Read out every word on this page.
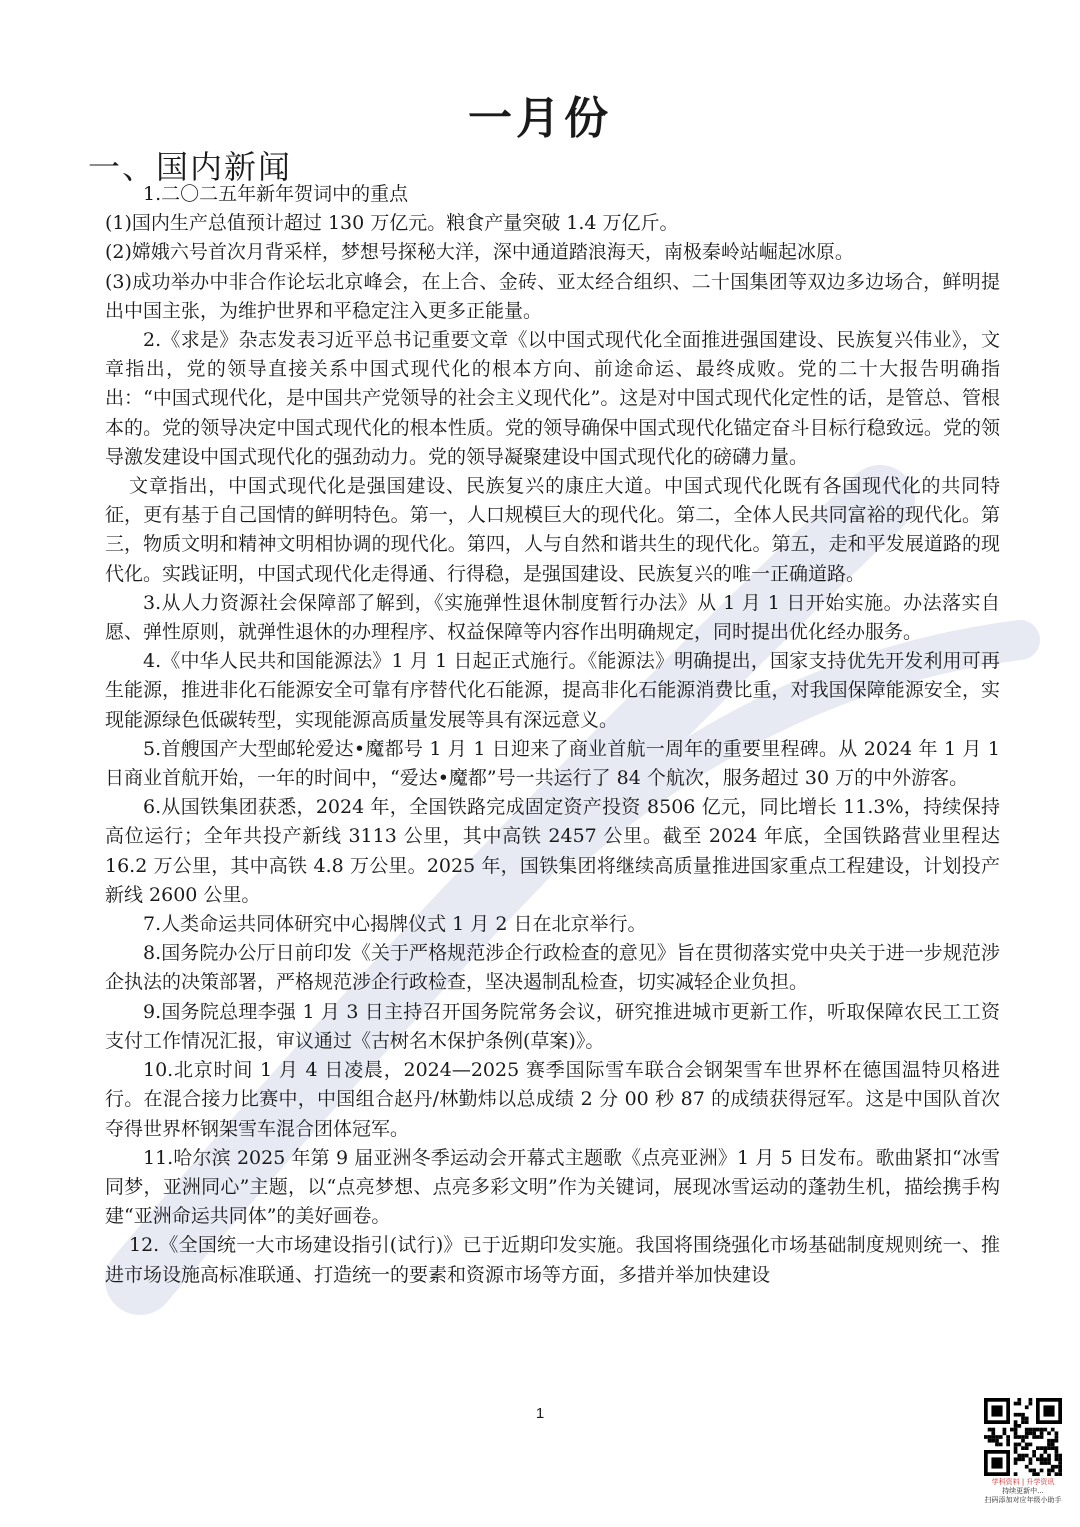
一月份
一、国内新闻

1.二〇二五年新年贺词中的重点

(1)国内生产总值预计超过 130 万亿元。粮食产量突破 1.4 万亿斤。

(2)嫦娥六号首次月背采样，梦想号探秘大洋，深中通道踏浪海天，南极秦岭站崛起冰原。

(3)成功举办中非合作论坛北京峰会，在上合、金砖、亚太经合组织、二十国集团等双边多边场合，鲜明提出中国主张，为维护世界和平稳定注入更多正能量。

2.《求是》杂志发表习近平总书记重要文章《以中国式现代化全面推进强国建设、民族复兴伟业》，文章指出，党的领导直接关系中国式现代化的根本方向、前途命运、最终成败。党的二十大报告明确指出：“中国式现代化，是中国共产党领导的社会主义现代化”。这是对中国式现代化定性的话，是管总、管根本的。党的领导决定中国式现代化的根本性质。党的领导确保中国式现代化锚定奋斗目标行稳致远。党的领导激发建设中国式现代化的强劲动力。党的领导凝聚建设中国式现代化的磅礴力量。

文章指出，中国式现代化是强国建设、民族复兴的康庄大道。中国式现代化既有各国现代化的共同特征，更有基于自己国情的鲜明特色。第一，人口规模巨大的现代化。第二，全体人民共同富裕的现代化。第三，物质文明和精神文明相协调的现代化。第四，人与自然和谐共生的现代化。第五，走和平发展道路的现代化。实践证明，中国式现代化走得通、行得稳，是强国建设、民族复兴的唯一正确道路。

3.从人力资源社会保障部了解到，《实施弹性退休制度暂行办法》从 1 月 1 日开始实施。办法落实自愿、弹性原则，就弹性退休的办理程序、权益保障等内容作出明确规定，同时提出优化经办服务。

4.《中华人民共和国能源法》1 月 1 日起正式施行。《能源法》明确提出，国家支持优先开发利用可再生能源，推进非化石能源安全可靠有序替代化石能源，提高非化石能源消费比重，对我国保障能源安全，实现能源绿色低碳转型，实现能源高质量发展等具有深远意义。

5.首艘国产大型邮轮爱达•魔都号 1 月 1 日迎来了商业首航一周年的重要里程碑。从 2024 年 1 月 1 日商业首航开始，一年的时间中，“爱达•魔都”号一共运行了 84 个航次，服务超过 30 万的中外游客。

6.从国铁集团获悉，2024 年，全国铁路完成固定资产投资 8506 亿元，同比增长 11.3%，持续保持高位运行；全年共投产新线 3113 公里，其中高铁 2457 公里。截至 2024 年底，全国铁路营业里程达 16.2 万公里，其中高铁 4.8 万公里。2025 年，国铁集团将继续高质量推进国家重点工程建设，计划投产新线 2600 公里。

7.人类命运共同体研究中心揭牌仪式 1 月 2 日在北京举行。

8.国务院办公厅日前印发《关于严格规范涉企行政检查的意见》旨在贯彻落实党中央关于进一步规范涉企执法的决策部署，严格规范涉企行政检查，坚决遏制乱检查，切实减轻企业负担。

9.国务院总理李强 1 月 3 日主持召开国务院常务会议，研究推进城市更新工作，听取保障农民工工资支付工作情况汇报，审议通过《古树名木保护条例(草案)》。

10.北京时间 1 月 4 日凌晨，2024—2025 赛季国际雪车联合会钢架雪车世界杯在德国温特贝格进行。在混合接力比赛中，中国组合赵丹/林勤炜以总成绩 2 分 00 秒 87 的成绩获得冠军。这是中国队首次夺得世界杯钢架雪车混合团体冠军。

11.哈尔滨 2025 年第 9 届亚洲冬季运动会开幕式主题歌《点亮亚洲》1 月 5 日发布。歌曲紧扣“冰雪同梦，亚洲同心”主题，以“点亮梦想、点亮多彩文明”作为关键词，展现冰雪运动的蓬勃生机，描绘携手构建“亚洲命运共同体”的美好画卷。

12.《全国统一大市场建设指引(试行)》已于近期印发实施。我国将围绕强化市场基础制度规则统一、推进市场设施高标准联通、打造统一的要素和资源市场等方面，多措并举加快建设

1
学科资料 | 升学资讯
持续更新中...
扫码添加对应年级小助手
